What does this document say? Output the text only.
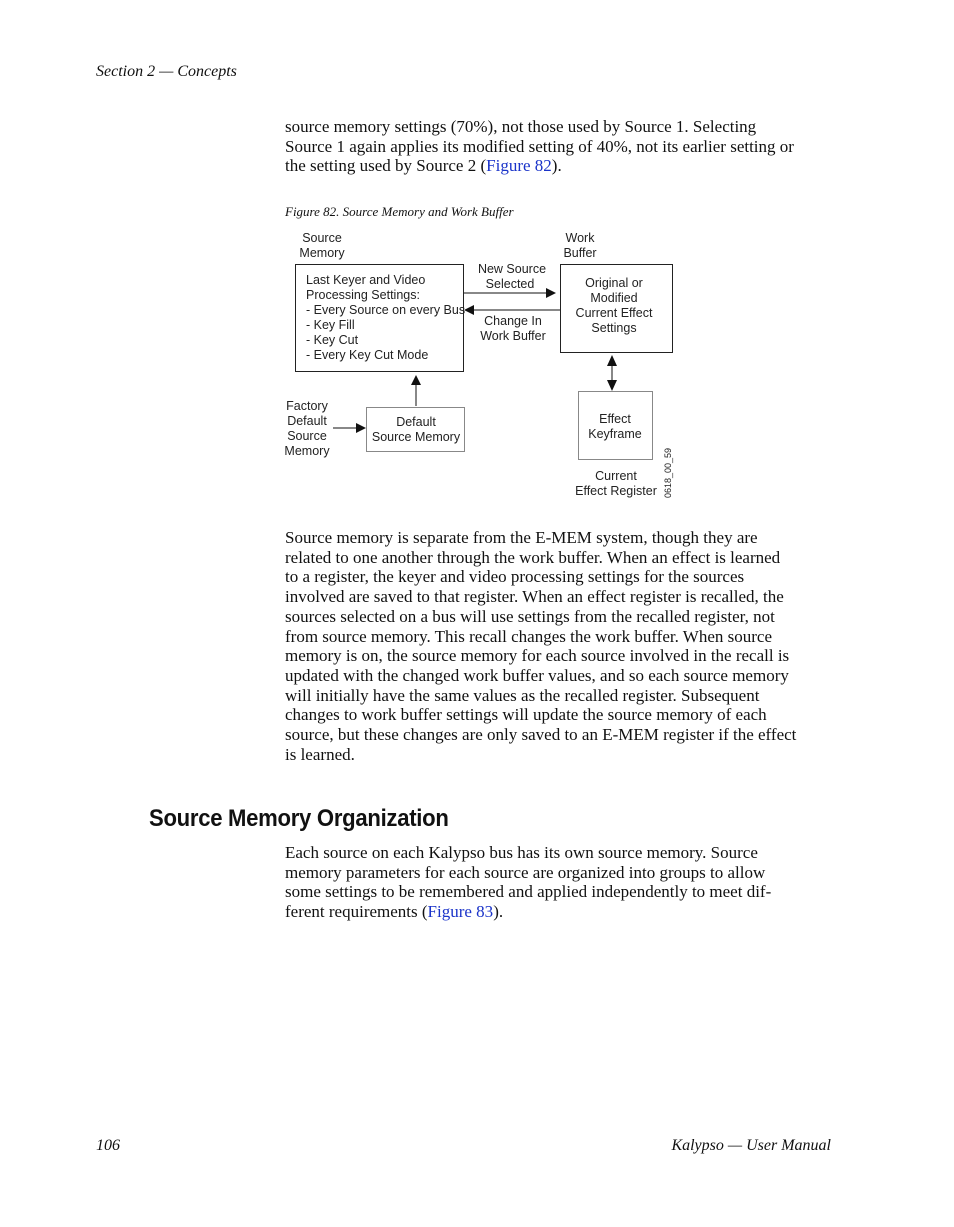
Section 2 — Concepts

source memory settings (70%), not those used by Source 1. Selecting
Source 1 again applies its modified setting of 40%, not its earlier setting or
the setting used by Source 2 (Figure 82).

Figure 82. Source Memory and Work Buffer
Source
Memory
Work
Buffer
Last Keyer and Video
Processing Settings:
- Every Source on every Bus
- Key Fill
- Key Cut
- Every Key Cut Mode
New Source
Selected
Change In
Work Buffer
Original or
Modified
Current Effect
Settings
Effect
Keyframe
Current
Effect Register 0618_00_59
Factory
Default
Source
Memory
Default
Source Memory

Source memory is separate from the E-MEM system, though they are
related to one another through the work buffer. When an effect is learned
to a register, the keyer and video processing settings for the sources
involved are saved to that register. When an effect register is recalled, the
sources selected on a bus will use settings from the recalled register, not
from source memory. This recall changes the work buffer. When source
memory is on, the source memory for each source involved in the recall is
updated with the changed work buffer values, and so each source memory
will initially have the same values as the recalled register. Subsequent
changes to work buffer settings will update the source memory of each
source, but these changes are only saved to an E-MEM register if the effect
is learned.

Source Memory Organization

Each source on each Kalypso bus has its own source memory. Source
memory parameters for each source are organized into groups to allow
some settings to be remembered and applied independently to meet dif-
ferent requirements (Figure 83).

106	Kalypso — User Manual
